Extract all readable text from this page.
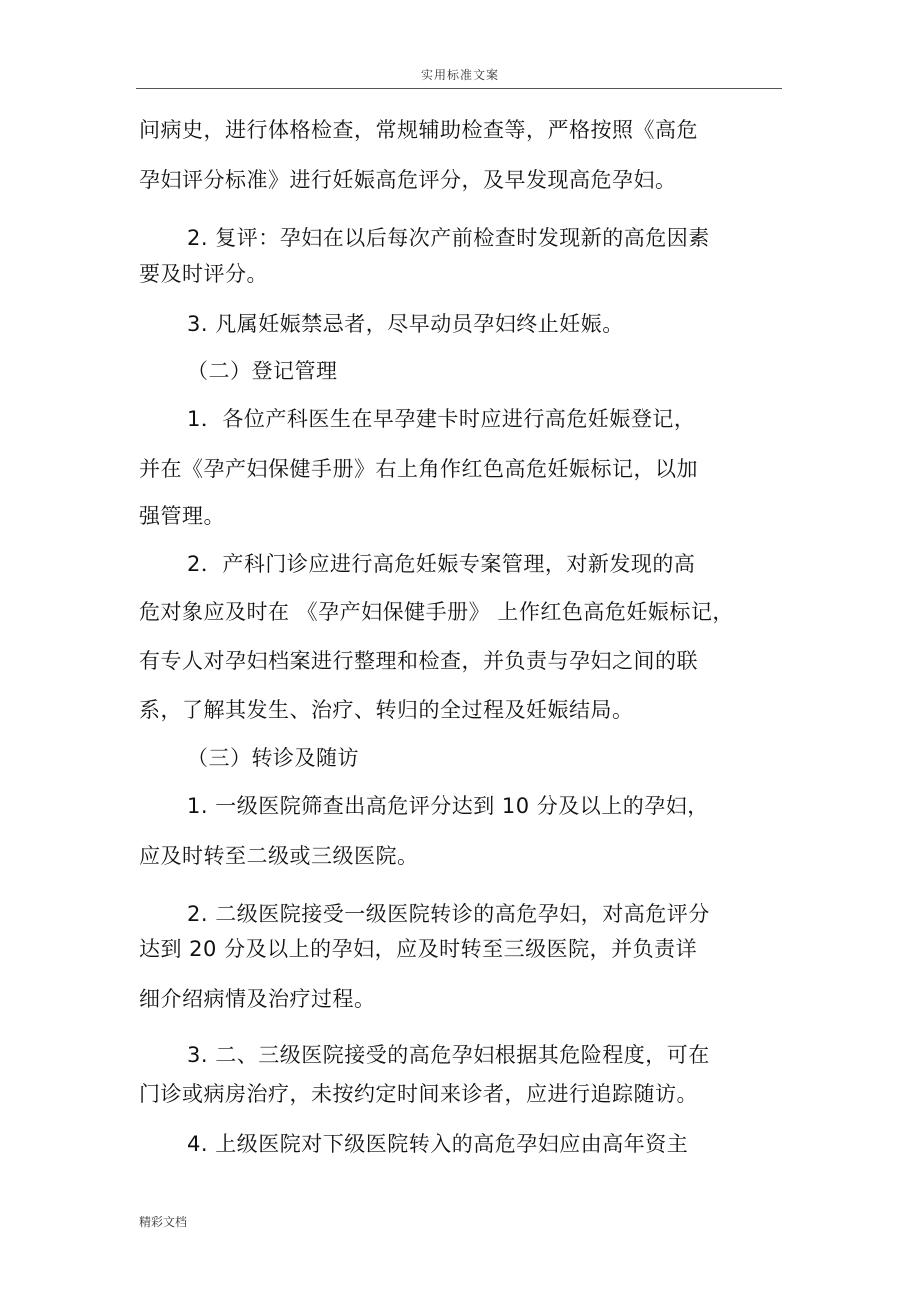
实用标准文案
问病史，进行体格检查，常规辅助检查等，严格按照《高危
孕妇评分标准》进行妊娠高危评分，及早发现高危孕妇。
2. 复评：孕妇在以后每次产前检查时发现新的高危因素
要及时评分。
3. 凡属妊娠禁忌者，尽早动员孕妇终止妊娠。
（二）登记管理
1．各位产科医生在早孕建卡时应进行高危妊娠登记，
并在《孕产妇保健手册》右上角作红色高危妊娠标记，以加
强管理。
2．产科门诊应进行高危妊娠专案管理，对新发现的高
危对象应及时在 《孕产妇保健手册》 上作红色高危妊娠标记，
有专人对孕妇档案进行整理和检查，并负责与孕妇之间的联
系，了解其发生、治疗、转归的全过程及妊娠结局。
（三）转诊及随访
1. 一级医院筛查出高危评分达到 10 分及以上的孕妇，
应及时转至二级或三级医院。
2. 二级医院接受一级医院转诊的高危孕妇，对高危评分
达到 20 分及以上的孕妇，应及时转至三级医院，并负责详
细介绍病情及治疗过程。
3. 二、三级医院接受的高危孕妇根据其危险程度，可在
门诊或病房治疗，未按约定时间来诊者，应进行追踪随访。
4. 上级医院对下级医院转入的高危孕妇应由高年资主
精彩文档
